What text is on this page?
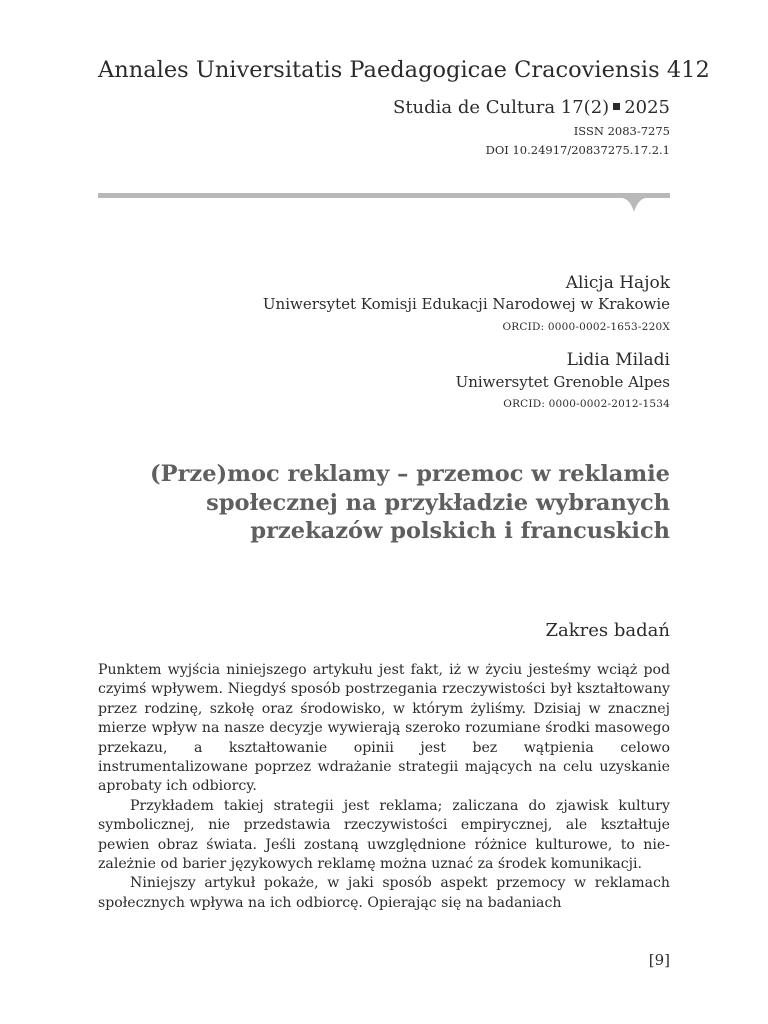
Annales Universitatis Paedagogicae Cracoviensis 412
Studia de Cultura 17(2) 2025
ISSN 2083-7275
DOI 10.24917/20837275.17.2.1
Alicja Hajok
Uniwersytet Komisji Edukacji Narodowej w Krakowie
ORCID: 0000-0002-1653-220X
Lidia Miladi
Uniwersytet Grenoble Alpes
ORCID: 0000-0002-2012-1534
(Prze)moc reklamy – przemoc w reklamie
społecznej na przykładzie wybranych
przekazów polskich i francuskich
Zakres badań

Punktem wyjścia niniejszego artykułu jest fakt, iż w życiu jesteśmy wciąż pod czyimś wpływem. Niegdyś sposób postrzegania rzeczywistości był kształtowany przez rodzinę, szkołę oraz środowisko, w którym żyliśmy. Dzisiaj w znacznej mierze wpływ na nasze decyzje wywierają szeroko rozumiane środki masowego przekazu, a kształtowanie opinii jest bez wątpienia celowo instrumentalizowane poprzez wdrażanie strategii mających na celu uzyskanie aprobaty ich odbiorcy.

Przykładem takiej strategii jest reklama; zaliczana do zjawisk kultury symbolicznej, nie przedstawia rzeczywistości empirycznej, ale kształtuje pewien obraz świata. Jeśli zostaną uwzględnione różnice kulturowe, to niezależnie od barier językowych reklamę można uznać za środek komunikacji.

Niniejszy artykuł pokaże, w jaki sposób aspekt przemocy w reklamach społecznych wpływa na ich odbiorcę. Opierając się na badaniach

[9]
